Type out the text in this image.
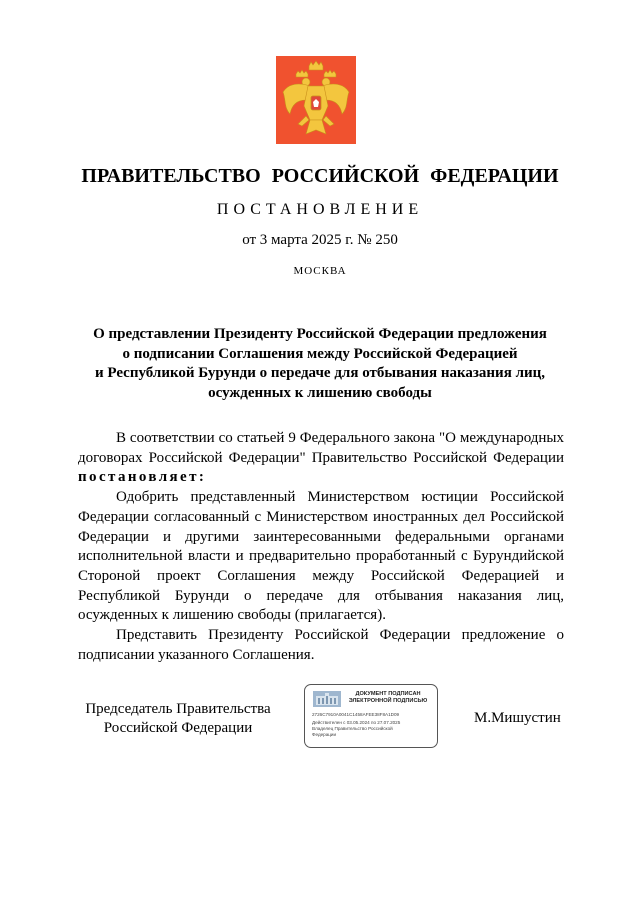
ПРАВИТЕЛЬСТВО РОССИЙСКОЙ ФЕДЕРАЦИИ
ПОСТАНОВЛЕНИЕ
от 3 марта 2025 г. № 250
МОСКВА
О представлении Президенту Российской Федерации предложения
о подписании Соглашения между Российской Федерацией
и Республикой Бурунди о передаче для отбывания наказания лиц,
осужденных к лишению свободы

В соответствии со статьей 9 Федерального закона "О международных договорах Российской Федерации" Правительство Российской Федерации постановляет:

Одобрить представленный Министерством юстиции Российской Федерации согласованный с Министерством иностранных дел Российской Федерации и другими заинтересованными федеральными органами исполнительной власти и предварительно проработанный с Бурундийской Стороной проект Соглашения между Российской Федерацией и Республикой Бурунди о передаче для отбывания наказания лиц, осужденных к лишению свободы (прилагается).

Представить Президенту Российской Федерации предложение о подписании указанного Соглашения.

Председатель Правительства
Российской Федерации
ДОКУМЕНТ ПОДПИСАН
ЭЛЕКТРОННОЙ ПОДПИСЬЮ
2726C7910A0041C1458AFEE38F8A1D09
Действителен с 03.05.2024 по 27.07.2025
Владелец Правительство Российской
Федерации
М.Мишустин
